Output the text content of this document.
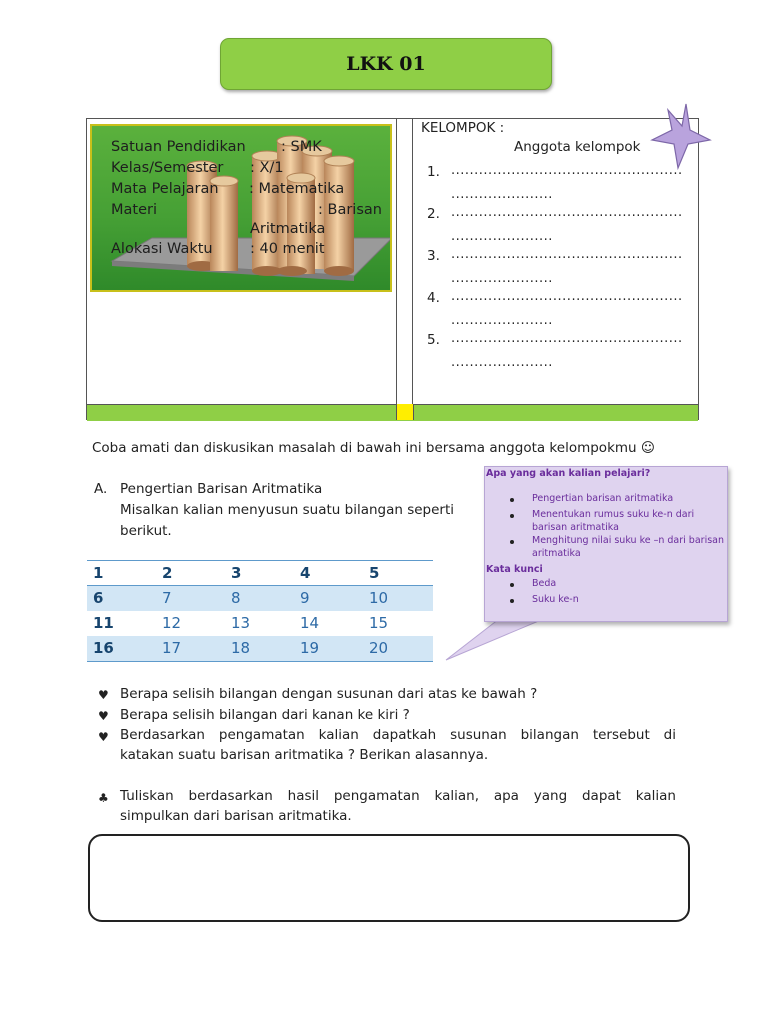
LKK 01
Satuan Pendidikan : SMK
Kelas/Semester : X/1
Mata Pelajaran : Matematika
Materi	: Barisan
Aritmatika
Alokasi Waktu	: 40 menit
KELOMPOK :
Anggota kelompok
1. ..................................................
......................
2. ..................................................
......................
3. ..................................................
......................
4. ..................................................
......................
5. ..................................................
......................
Coba amati dan diskusikan masalah di bawah ini bersama anggota kelompokmu ☺
A. Pengertian Barisan Aritmatika
Misalkan kalian menyusun suatu bilangan seperti
berikut.
Apa yang akan kalian pelajari?
Pengertian barisan aritmatika
Menentukan rumus suku ke-n dari barisan aritmatika
Menghitung nilai suku ke –n dari barisan aritmatika
Kata kunci
Beda
Suku ke-n
1	2	3	4	5
6	7	8	9	10
11	12	13	14	15
16	17	18	19	20
♥ Berapa selisih bilangan dengan susunan dari atas ke bawah ?
♥ Berapa selisih bilangan dari kanan ke kiri ?
♥ Berdasarkan pengamatan kalian dapatkah susunan bilangan tersebut di
katakan suatu barisan aritmatika ? Berikan alasannya.
♣ Tuliskan berdasarkan hasil pengamatan kalian, apa yang dapat kalian
simpulkan dari barisan aritmatika.
